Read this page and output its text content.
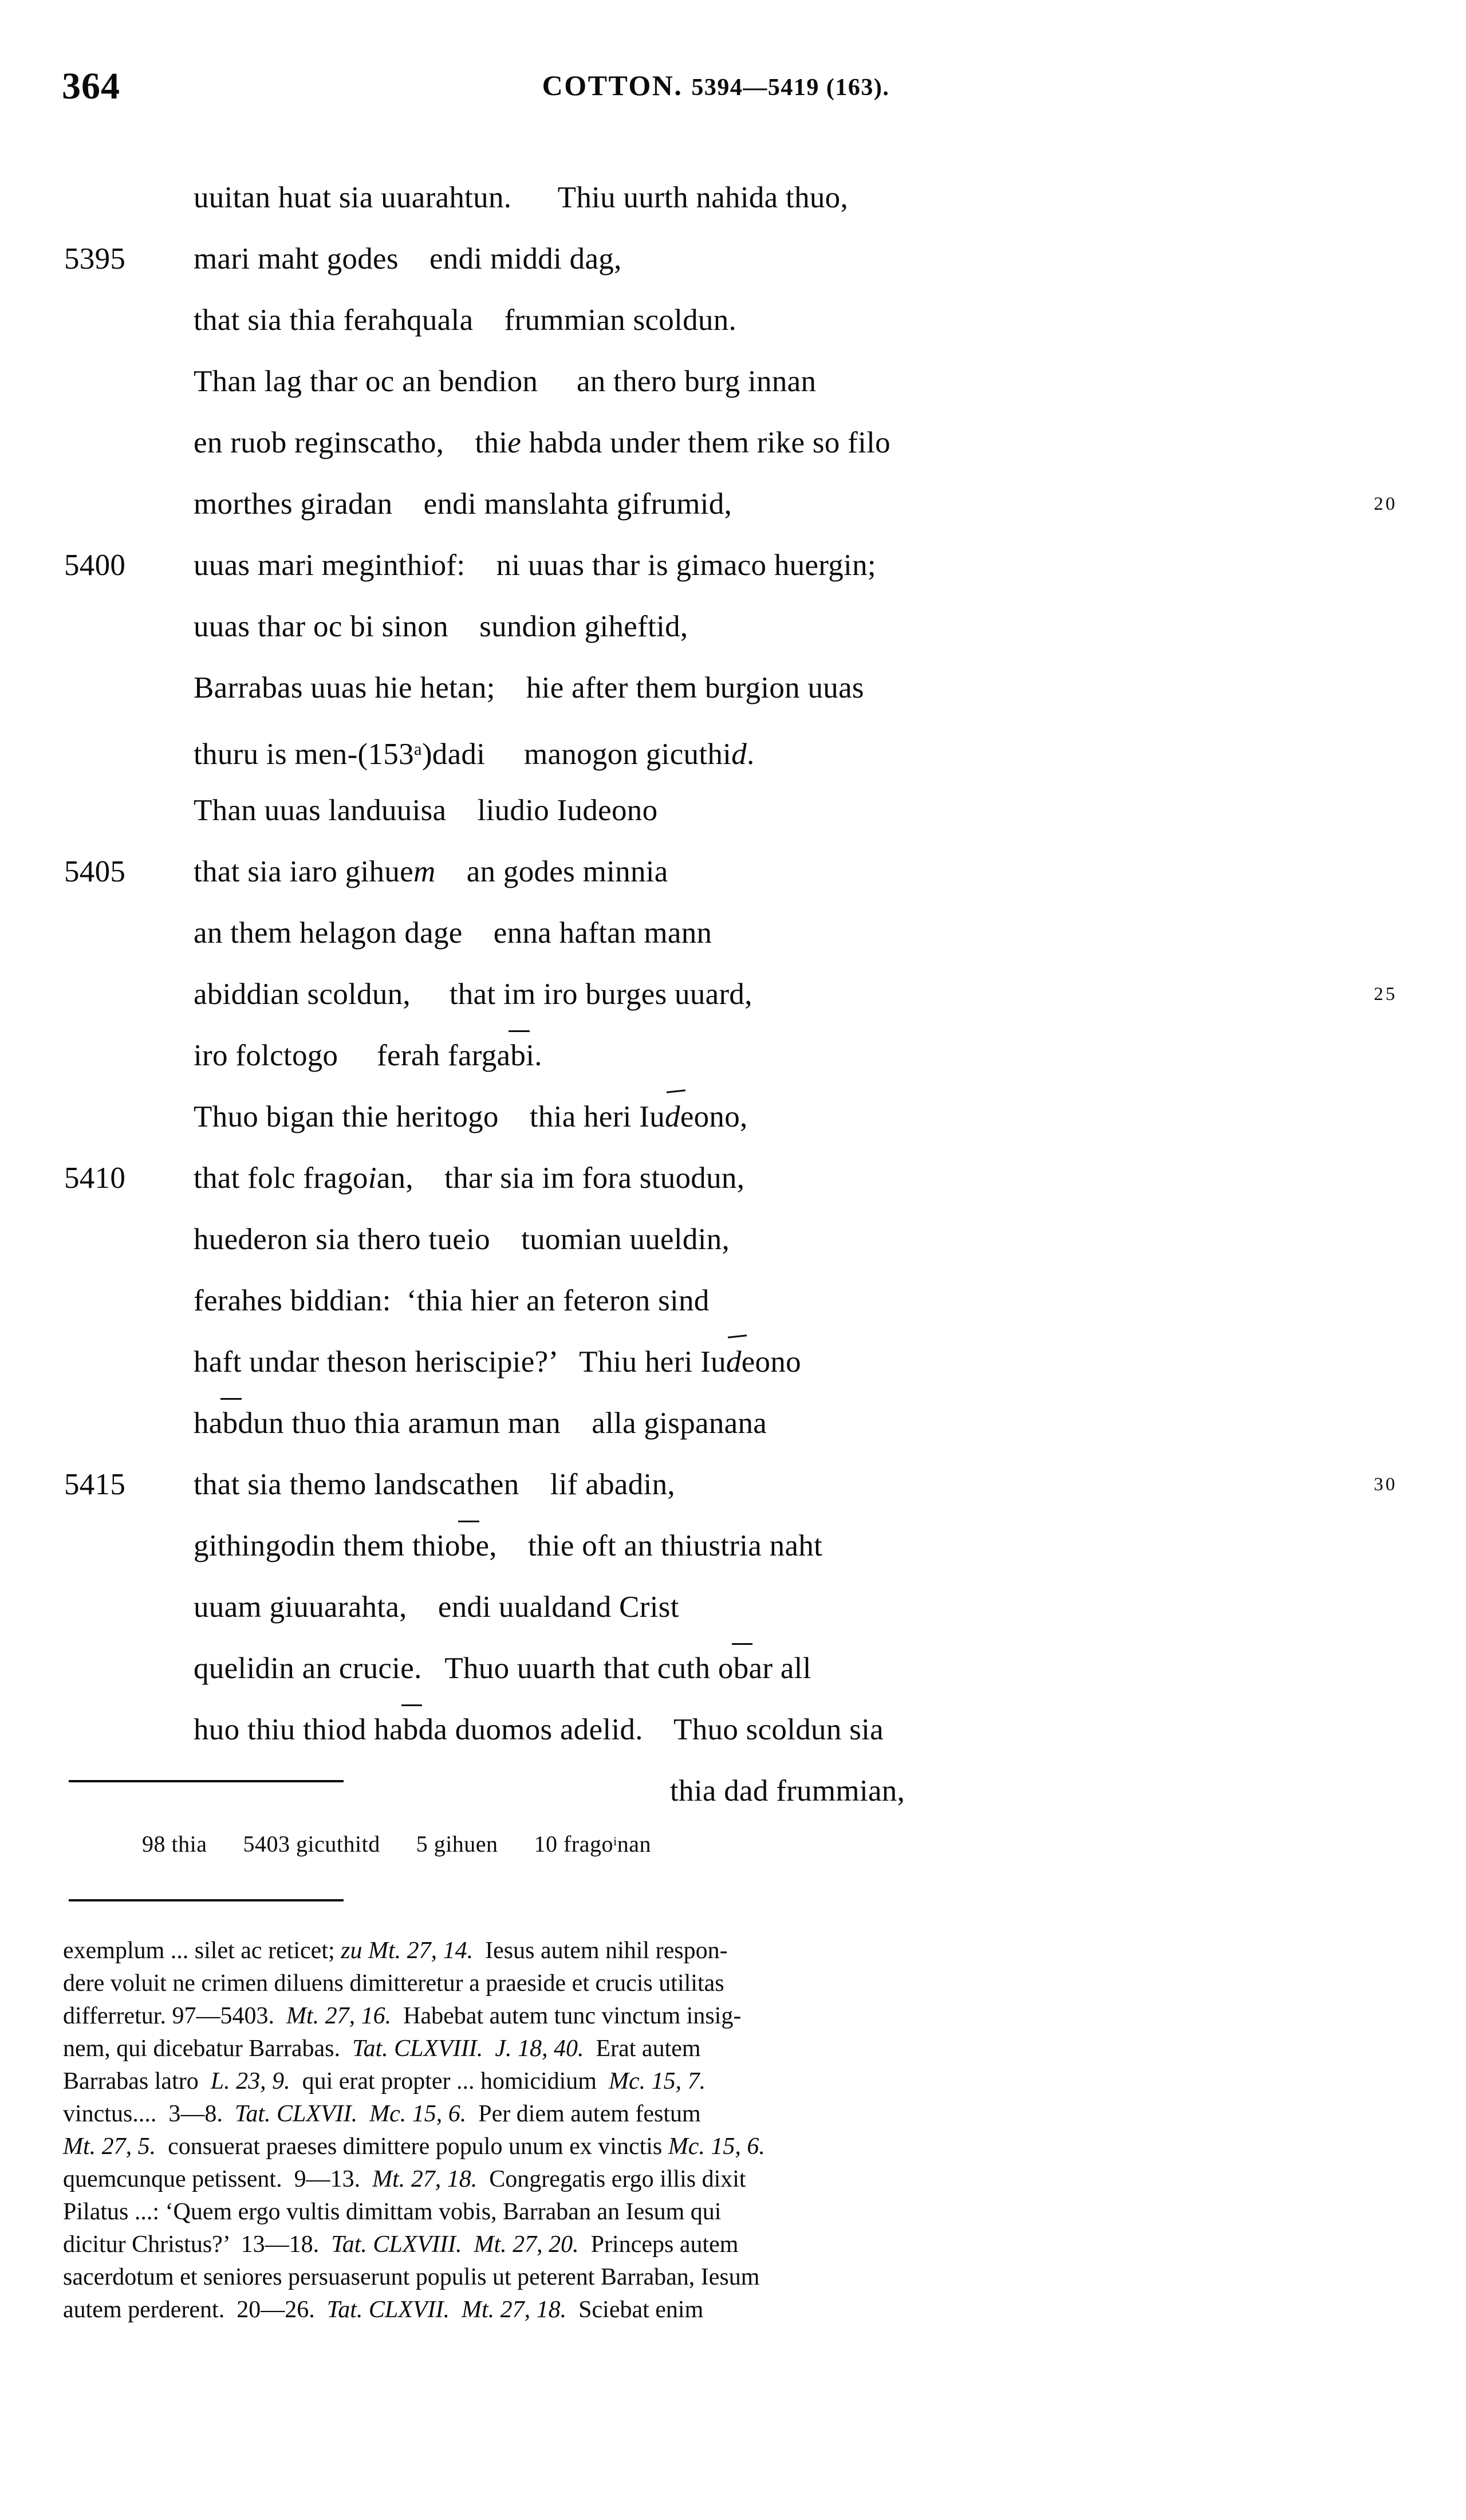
364	COTTON. 5394—5419 (163).
uuitan huat sia uuarahtun.      Thiu uurth nahida thuo,
5395	mari maht godes    endi middi dag,
that sia thia ferahquala    frummian scoldun.
Than lag thar oc an bendion     an thero burg innan
en ruob reginscatho,    thie habda under them rike so filo
morthes giradan    endi manslahta gifrumid,	20
5400	uuas mari meginthiof:    ni uuas thar is gimaco huergin;
uuas thar oc bi sinon    sundion giheftid,
Barrabas uuas hie hetan;    hie after them burgion uuas
thuru is men-(153$^a$)dadi     manogon gicuthid.
Than uuas landuuisa    liudio Iudeono
5405	that sia iaro gihuem    an godes minnia
an them helagon dage    enna haftan mann
abiddian scoldun,     that im iro burges uuard,	25
iro folctogo     ferah fargabi.
Thuo bigan thie heritogo    thia heri Iudeono,
5410	that folc fragoian,    thar sia im fora stuodun,
huederon sia thero tueio    tuomian uueldin,
ferahes biddian:  ‘thia hier an feteron sind
haft undar theson heriscipie?’   Thiu heri Iudeono
habdun thuo thia aramun man    alla gispanana
5415	that sia themo landscathen    lif abadin,	30
githingodin them thiobe,    thie oft an thiustria naht
uuam giuuarahta,    endi uualdand Crist
quelidin an crucie.   Thuo uuarth that cuth obar all
huo thiu thiod habda duomos adelid.    Thuo scoldun sia
thia dad frummian,
98 thia      5403 gicuthitd      5 gihuen      10 frago$^i$nan
exemplum ... silet ac reticet; zu Mt. 27, 14.  Iesus autem nihil respon-
dere voluit ne crimen diluens dimitteretur a praeside et crucis utilitas
differretur. 97—5403.  Mt. 27, 16.  Habebat autem tunc vinctum insig-
nem, qui dicebatur Barrabas.  Tat. CLXVIII. J. 18, 40.  Erat autem
Barrabas latro  L. 23, 9.  qui erat propter ... homicidium  Mc. 15, 7.
vinctus....  3—8.  Tat. CLXVII. Mc. 15, 6.  Per diem autem festum
Mt. 27, 5.  consuerat praeses dimittere populo unum ex vinctis Mc. 15, 6.
quemcunque petissent.  9—13.  Mt. 27, 18.  Congregatis ergo illis dixit
Pilatus ...: ‘Quem ergo vultis dimittam vobis, Barraban an Iesum qui
dicitur Christus?’  13—18.  Tat. CLXVIII. Mt. 27, 20.  Princeps autem
sacerdotum et seniores persuaserunt populis ut peterent Barraban, Iesum
autem perderent.  20—26.  Tat. CLXVII. Mt. 27, 18.  Sciebat enim
